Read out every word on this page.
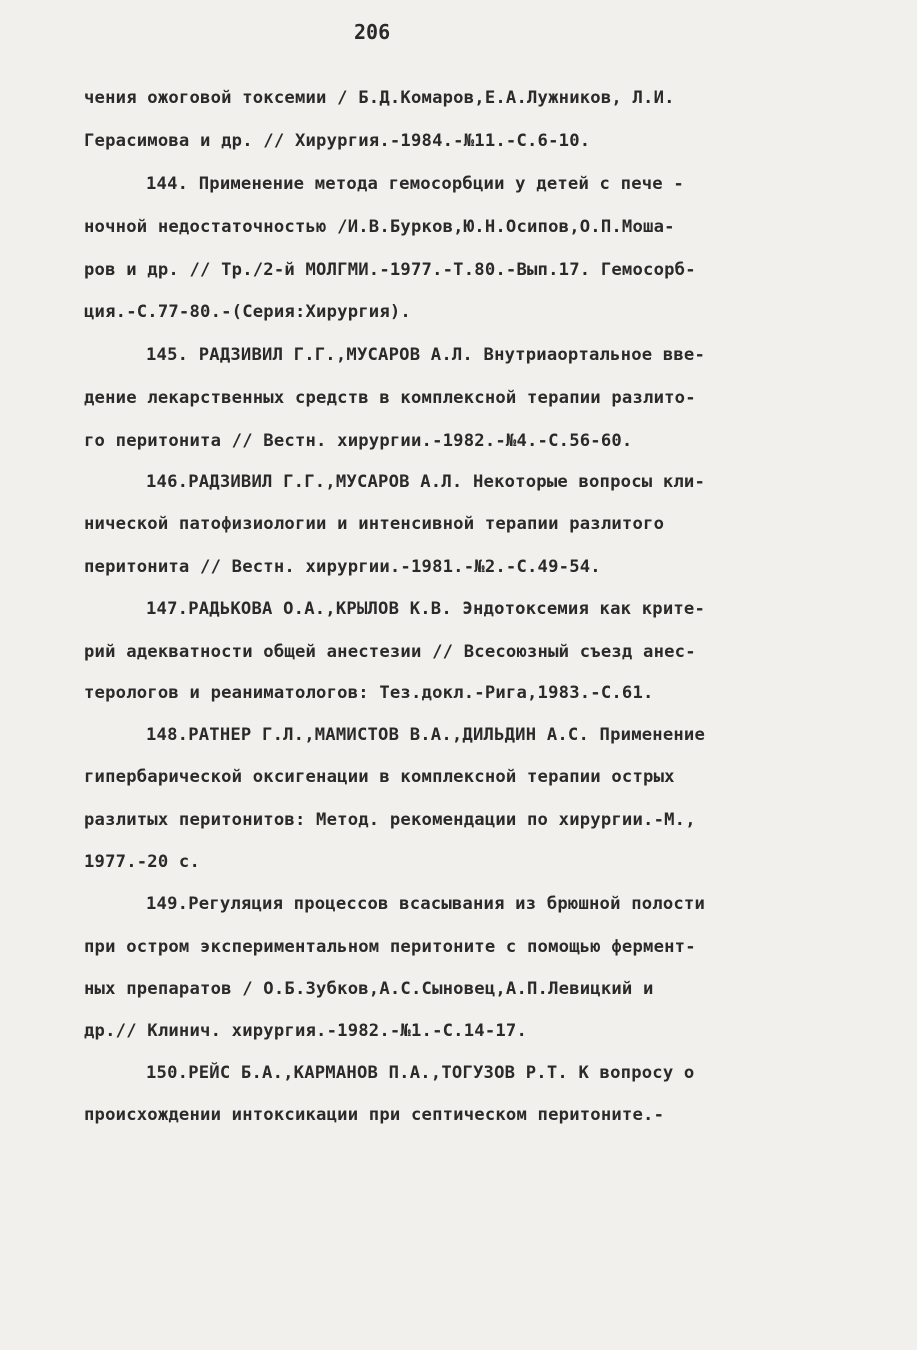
206
чения ожоговой токсемии / Б.Д.Комаров,Е.А.Лужников, Л.И.
Герасимова и др. // Хирургия.-1984.-№11.-С.6-10.
144. Применение метода гемосорбции у детей с пече -
ночной недостаточностью /И.В.Бурков,Ю.Н.Осипов,О.П.Моша-
ров и др. // Тр./2-й МОЛГМИ.-1977.-Т.80.-Вып.17. Гемосорб-
ция.-С.77-80.-(Серия:Хирургия).
145. РАДЗИВИЛ Г.Г.,МУСАРОВ А.Л. Внутриаортальное вве-
дение лекарственных средств в комплексной терапии разлито-
го перитонита // Вестн. хирургии.-1982.-№4.-С.56-60.
146.РАДЗИВИЛ Г.Г.,МУСАРОВ А.Л. Некоторые вопросы кли-
нической патофизиологии и интенсивной терапии разлитого
перитонита // Вестн. хирургии.-1981.-№2.-С.49-54.
147.РАДЬКОВА О.А.,КРЫЛОВ К.В. Эндотоксемия как крите-
рий адекватности общей анестезии // Всесоюзный съезд анес-
терологов и реаниматологов: Тез.докл.-Рига,1983.-С.61.
148.РАТНЕР Г.Л.,МАМИСТОВ В.А.,ДИЛЬДИН А.С. Применение
гипербарической оксигенации в комплексной терапии острых
разлитых перитонитов: Метод. рекомендации по хирургии.-М.,
1977.-20 с.
149.Регуляция процессов всасывания из брюшной полости
при остром экспериментальном перитоните с помощью фермент-
ных препаратов / О.Б.Зубков,А.С.Сыновец,А.П.Левицкий и
др.// Клинич. хирургия.-1982.-№1.-С.14-17.
150.РЕЙС Б.А.,КАРМАНОВ П.А.,ТОГУЗОВ Р.Т. К вопросу о
происхождении интоксикации при септическом перитоните.-
